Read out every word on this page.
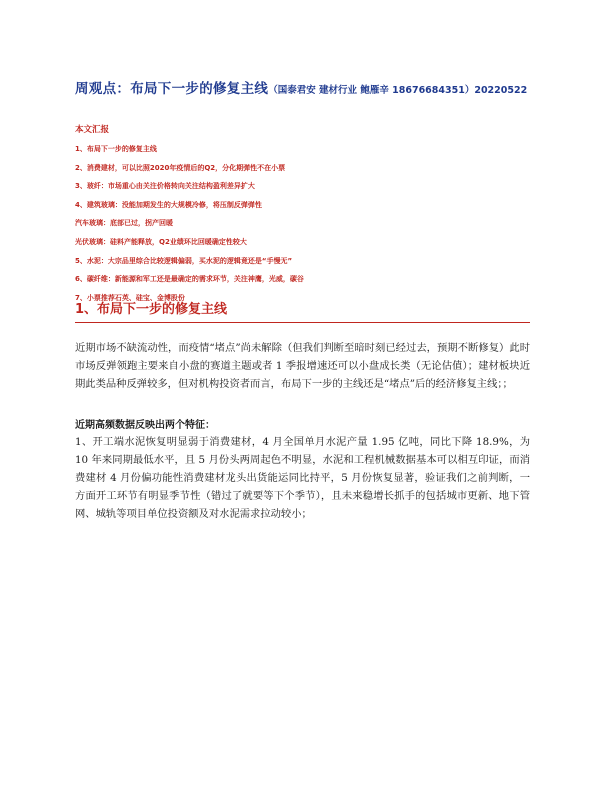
周观点：布局下一步的修复主线（国泰君安 建材行业 鲍雁辛 18676684351）20220522
本文汇报
1、布局下一步的修复主线
2、消费建材，可以比照2020年疫情后的Q2，分化期弹性不在小票
3、玻纤：市场重心由关注价格转向关注结构盈利差异扩大
4、建筑玻璃：没能加期发生的大规模冷修，将压制反弹弹性
汽车玻璃：底部已过，拐产回暖
光伏玻璃：硅料产能释放，Q2业绩环比回暖确定性较大
5、水泥：大宗品里综合比较逻辑偏弱，买水泥的逻辑竟还是“手慢无”
6、碳纤维：新能源和军工还是最确定的需求环节，关注神鹰，光威，碳谷
7、小票推荐石英、硅宝、金博股份
1、布局下一步的修复主线

近期市场不缺流动性，而疫情“堵点”尚未解除（但我们判断至暗时刻已经过去，预期不断修复）此时市场反弹领跑主要来自小盘的赛道主题或者 1 季报增速还可以小盘成长类（无论估值）；建材板块近期此类品种反弹较多，但对机构投资者而言，布局下一步的主线还是“堵点”后的经济修复主线；；

近期高频数据反映出两个特征：

1、开工端水泥恢复明显弱于消费建材，4 月全国单月水泥产量 1.95 亿吨，同比下降 18.9%，为 10 年来同期最低水平，且 5 月份头两周起色不明显，水泥和工程机械数据基本可以相互印证，而消费建材 4 月份偏功能性消费建材龙头出货能运同比持平，5 月份恢复显著，验证我们之前判断，一方面开工环节有明显季节性（错过了就要等下个季节），且未来稳增长抓手的包括城市更新、地下管网、城轨等项目单位投资额及对水泥需求拉动较小；
